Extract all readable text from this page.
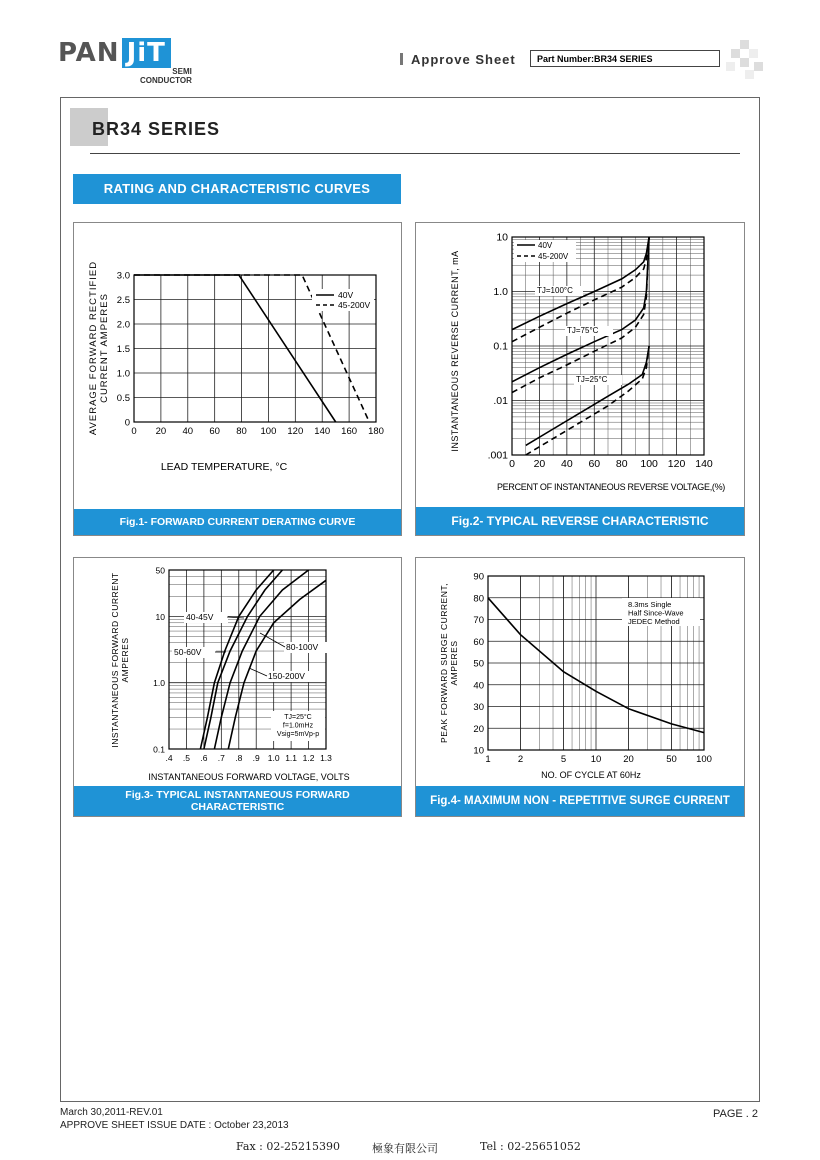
PAN JiT
SEMI
CONDUCTOR
Approve Sheet	Part Number:BR34 SERIES
BR34 SERIES
RATING AND CHARACTERISTIC CURVES
0 20 40 60 80 100 120 140 160 180
0
0.5
1.0
1.5
2.0
2.5
3.0
LEAD TEMPERATURE, °C
AVERAGE FORWARD RECTIFIED CURRENT AMPERES	40V
45-200V
Fig.1- FORWARD CURRENT DERATING CURVE
0 20 40 60 80 100 120 140
10
1.0
0.1
.01
.001
PERCENT OF INSTANTANEOUS REVERSE VOLTAGE,(%)
INSTANTANEOUS REVERSE CURRENT, mA
40V
45-200V
TJ=100°C
TJ=75°C
TJ=25°C
Fig.2- TYPICAL REVERSE CHARACTERISTIC
.4 .5 .6 .7 .8 .9 1.0 1.1 1.2 1.3
50
10
1.0
0.1
INSTANTANEOUS FORWARD VOLTAGE, VOLTS
INSTANTANEOUS FORWARD CURRENT AMPERES
40-45V
50-60V	80-100V
150-200V
TJ=25°C
f=1.0mHz
Vsig=5mVp-p
Fig.3- TYPICAL INSTANTANEOUS FORWARD CHARACTERISTIC
1	2	5	10 20	50 100
90
80
70
60
50
40
30
20
10
NO. OF CYCLE AT 60Hz
PEAK FORWARD SURGE CURRENT, AMPERES
8.3ms Single
Half Since-Wave
JEDEC Method
Fig.4- MAXIMUM NON - REPETITIVE SURGE CURRENT
March 30,2011-REV.01
APPROVE SHEET ISSUE DATE : October 23,2013
PAGE . 2
Fax : 02-25215390	極象有限公司	Tel : 02-25651052
